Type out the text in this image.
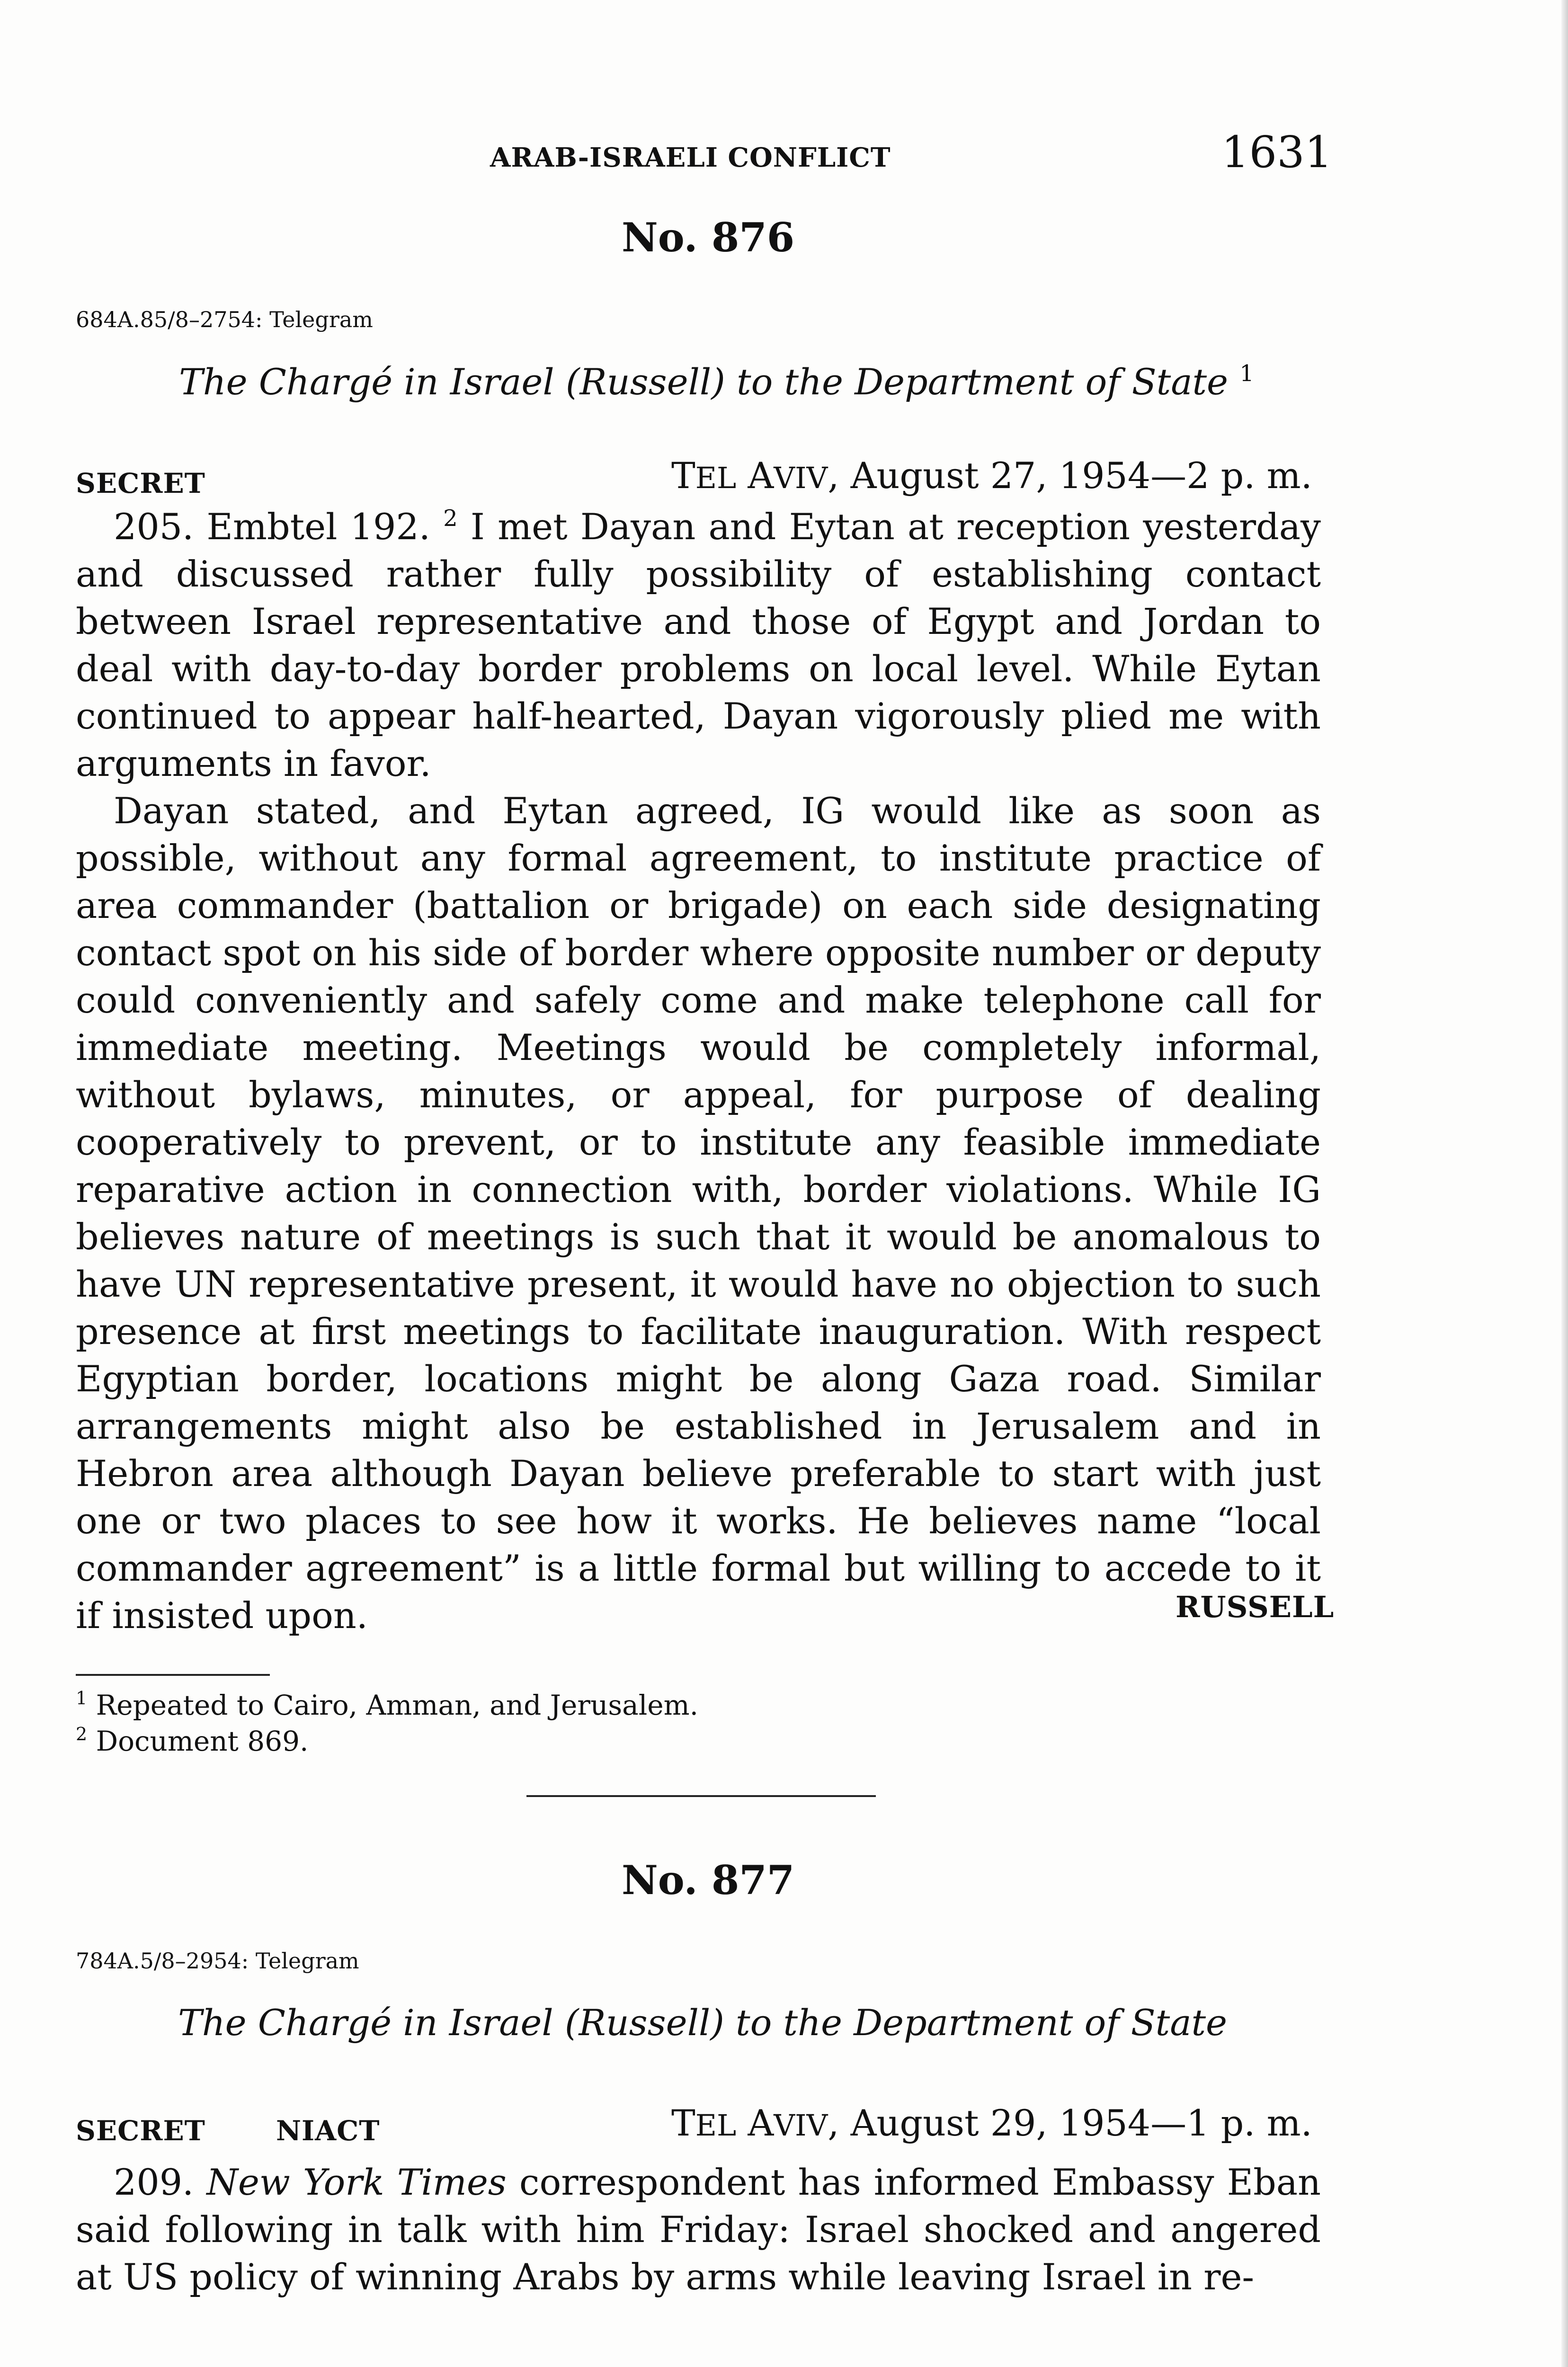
ARAB-ISRAELI CONFLICT	1631
No. 876
684A.85/8–2754: Telegram
The Chargé in Israel (Russell) to the Department of State $^1$
SECRET	TEL AVIV, August 27, 1954—2 p. m.

205. Embtel 192. $^2$ I met Dayan and Eytan at reception yesterday and discussed rather fully possibility of establishing contact between Israel representative and those of Egypt and Jordan to deal with day-to-day border problems on local level. While Eytan continued to appear half-hearted, Dayan vigorously plied me with arguments in favor.

Dayan stated, and Eytan agreed, IG would like as soon as possible, without any formal agreement, to institute practice of area commander (battalion or brigade) on each side designating contact spot on his side of border where opposite number or deputy could conveniently and safely come and make telephone call for immediate meeting. Meetings would be completely informal, without bylaws, minutes, or appeal, for purpose of dealing cooperatively to prevent, or to institute any feasible immediate reparative action in connection with, border violations. While IG believes nature of meetings is such that it would be anomalous to have UN representative present, it would have no objection to such presence at first meetings to facilitate inauguration. With respect Egyptian border, locations might be along Gaza road. Similar arrangements might also be established in Jerusalem and in Hebron area although Dayan believe preferable to start with just one or two places to see how it works. He believes name “local commander agreement” is a little formal but willing to accede to it if insisted upon.	RUSSELL
$^1$ Repeated to Cairo, Amman, and Jerusalem.
$^2$ Document 869.
No. 877
784A.5/8–2954: Telegram
The Chargé in Israel (Russell) to the Department of State
SECRET	NIACT	TEL AVIV, August 29, 1954—1 p. m.

209. New York Times correspondent has informed Embassy Eban said following in talk with him Friday: Israel shocked and angered at US policy of winning Arabs by arms while leaving Israel in re-
